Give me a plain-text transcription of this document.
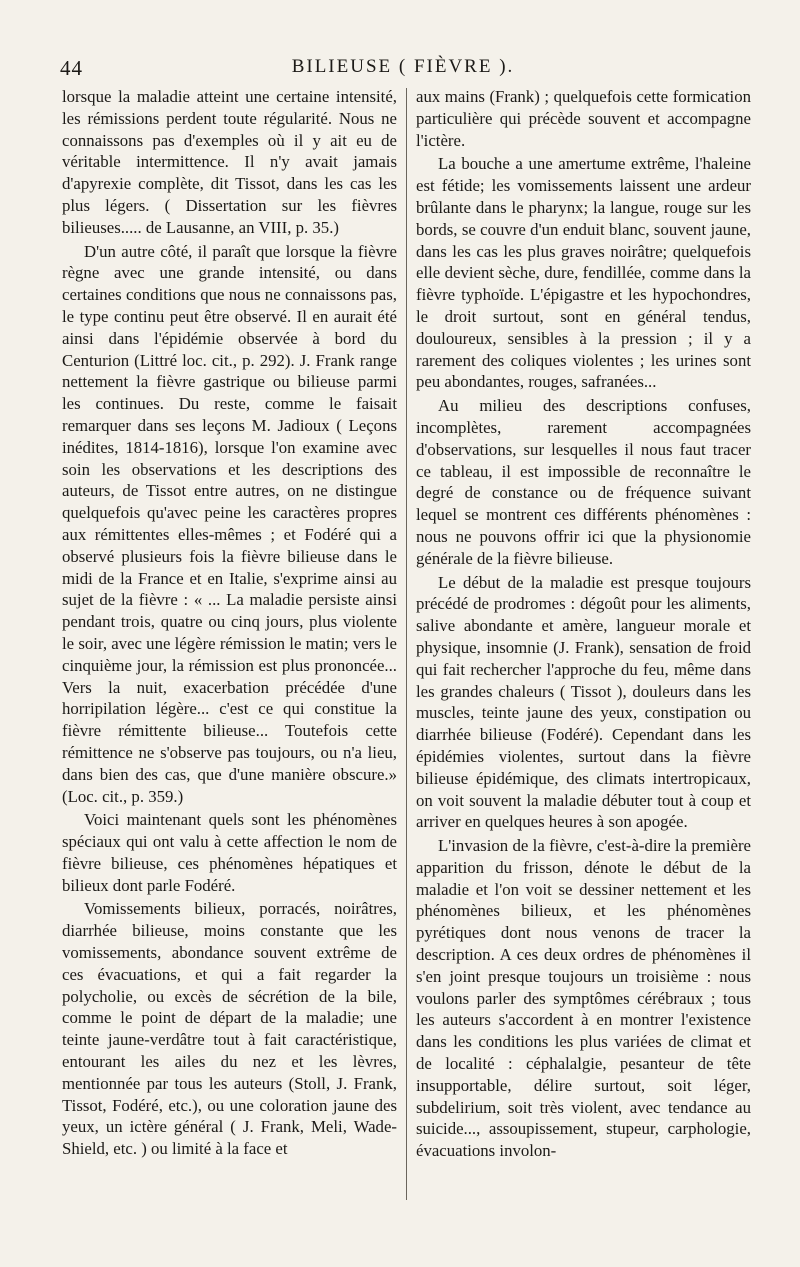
44	BILIEUSE ( FIÈVRE ).

lorsque la maladie atteint une certaine intensité, les rémissions perdent toute régularité. Nous ne connaissons pas d'exemples où il y ait eu de véritable intermittence. Il n'y avait jamais d'apyrexie complète, dit Tissot, dans les cas les plus légers. ( Dissertation sur les fièvres bilieuses..... de Lausanne, an VIII, p. 35.)

D'un autre côté, il paraît que lorsque la fièvre règne avec une grande intensité, ou dans certaines conditions que nous ne connaissons pas, le type continu peut être observé. Il en aurait été ainsi dans l'épidémie observée à bord du Centurion (Littré loc. cit., p. 292). J. Frank range nettement la fièvre gastrique ou bilieuse parmi les continues. Du reste, comme le faisait remarquer dans ses leçons M. Jadioux ( Leçons inédites, 1814-1816), lorsque l'on examine avec soin les observations et les descriptions des auteurs, de Tissot entre autres, on ne distingue quelquefois qu'avec peine les caractères propres aux rémittentes elles-mêmes ; et Fodéré qui a observé plusieurs fois la fièvre bilieuse dans le midi de la France et en Italie, s'exprime ainsi au sujet de la fièvre : « ... La maladie persiste ainsi pendant trois, quatre ou cinq jours, plus violente le soir, avec une légère rémission le matin; vers le cinquième jour, la rémission est plus prononcée... Vers la nuit, exacerbation précédée d'une horripilation légère... c'est ce qui constitue la fièvre rémittente bilieuse... Toutefois cette rémittence ne s'observe pas toujours, ou n'a lieu, dans bien des cas, que d'une manière obscure.» (Loc. cit., p. 359.)

Voici maintenant quels sont les phénomènes spéciaux qui ont valu à cette affection le nom de fièvre bilieuse, ces phénomènes hépatiques et bilieux dont parle Fodéré.

Vomissements bilieux, porracés, noirâtres, diarrhée bilieuse, moins constante que les vomissements, abondance souvent extrême de ces évacuations, et qui a fait regarder la polycholie, ou excès de sécrétion de la bile, comme le point de départ de la maladie; une teinte jaune-verdâtre tout à fait caractéristique, entourant les ailes du nez et les lèvres, mentionnée par tous les auteurs (Stoll, J. Frank, Tissot, Fodéré, etc.), ou une coloration jaune des yeux, un ictère général ( J. Frank, Meli, Wade-Shield, etc. ) ou limité à la face et

aux mains (Frank) ; quelquefois cette formication particulière qui précède souvent et accompagne l'ictère.

La bouche a une amertume extrême, l'haleine est fétide; les vomissements laissent une ardeur brûlante dans le pharynx; la langue, rouge sur les bords, se couvre d'un enduit blanc, souvent jaune, dans les cas les plus graves noirâtre; quelquefois elle devient sèche, dure, fendillée, comme dans la fièvre typhoïde. L'épigastre et les hypochondres, le droit surtout, sont en général tendus, douloureux, sensibles à la pression ; il y a rarement des coliques violentes ; les urines sont peu abondantes, rouges, safranées...

Au milieu des descriptions confuses, incomplètes, rarement accompagnées d'observations, sur lesquelles il nous faut tracer ce tableau, il est impossible de reconnaître le degré de constance ou de fréquence suivant lequel se montrent ces différents phénomènes : nous ne pouvons offrir ici que la physionomie générale de la fièvre bilieuse.

Le début de la maladie est presque toujours précédé de prodromes : dégoût pour les aliments, salive abondante et amère, langueur morale et physique, insomnie (J. Frank), sensation de froid qui fait rechercher l'approche du feu, même dans les grandes chaleurs ( Tissot ), douleurs dans les muscles, teinte jaune des yeux, constipation ou diarrhée bilieuse (Fodéré). Cependant dans les épidémies violentes, surtout dans la fièvre bilieuse épidémique, des climats intertropicaux, on voit souvent la maladie débuter tout à coup et arriver en quelques heures à son apogée.

L'invasion de la fièvre, c'est-à-dire la première apparition du frisson, dénote le début de la maladie et l'on voit se dessiner nettement et les phénomènes bilieux, et les phénomènes pyrétiques dont nous venons de tracer la description. A ces deux ordres de phénomènes il s'en joint presque toujours un troisième : nous voulons parler des symptômes cérébraux ; tous les auteurs s'accordent à en montrer l'existence dans les conditions les plus variées de climat et de localité : céphalalgie, pesanteur de tête insupportable, délire surtout, soit léger, subdelirium, soit très violent, avec tendance au suicide..., assoupissement, stupeur, carphologie, évacuations involon-
